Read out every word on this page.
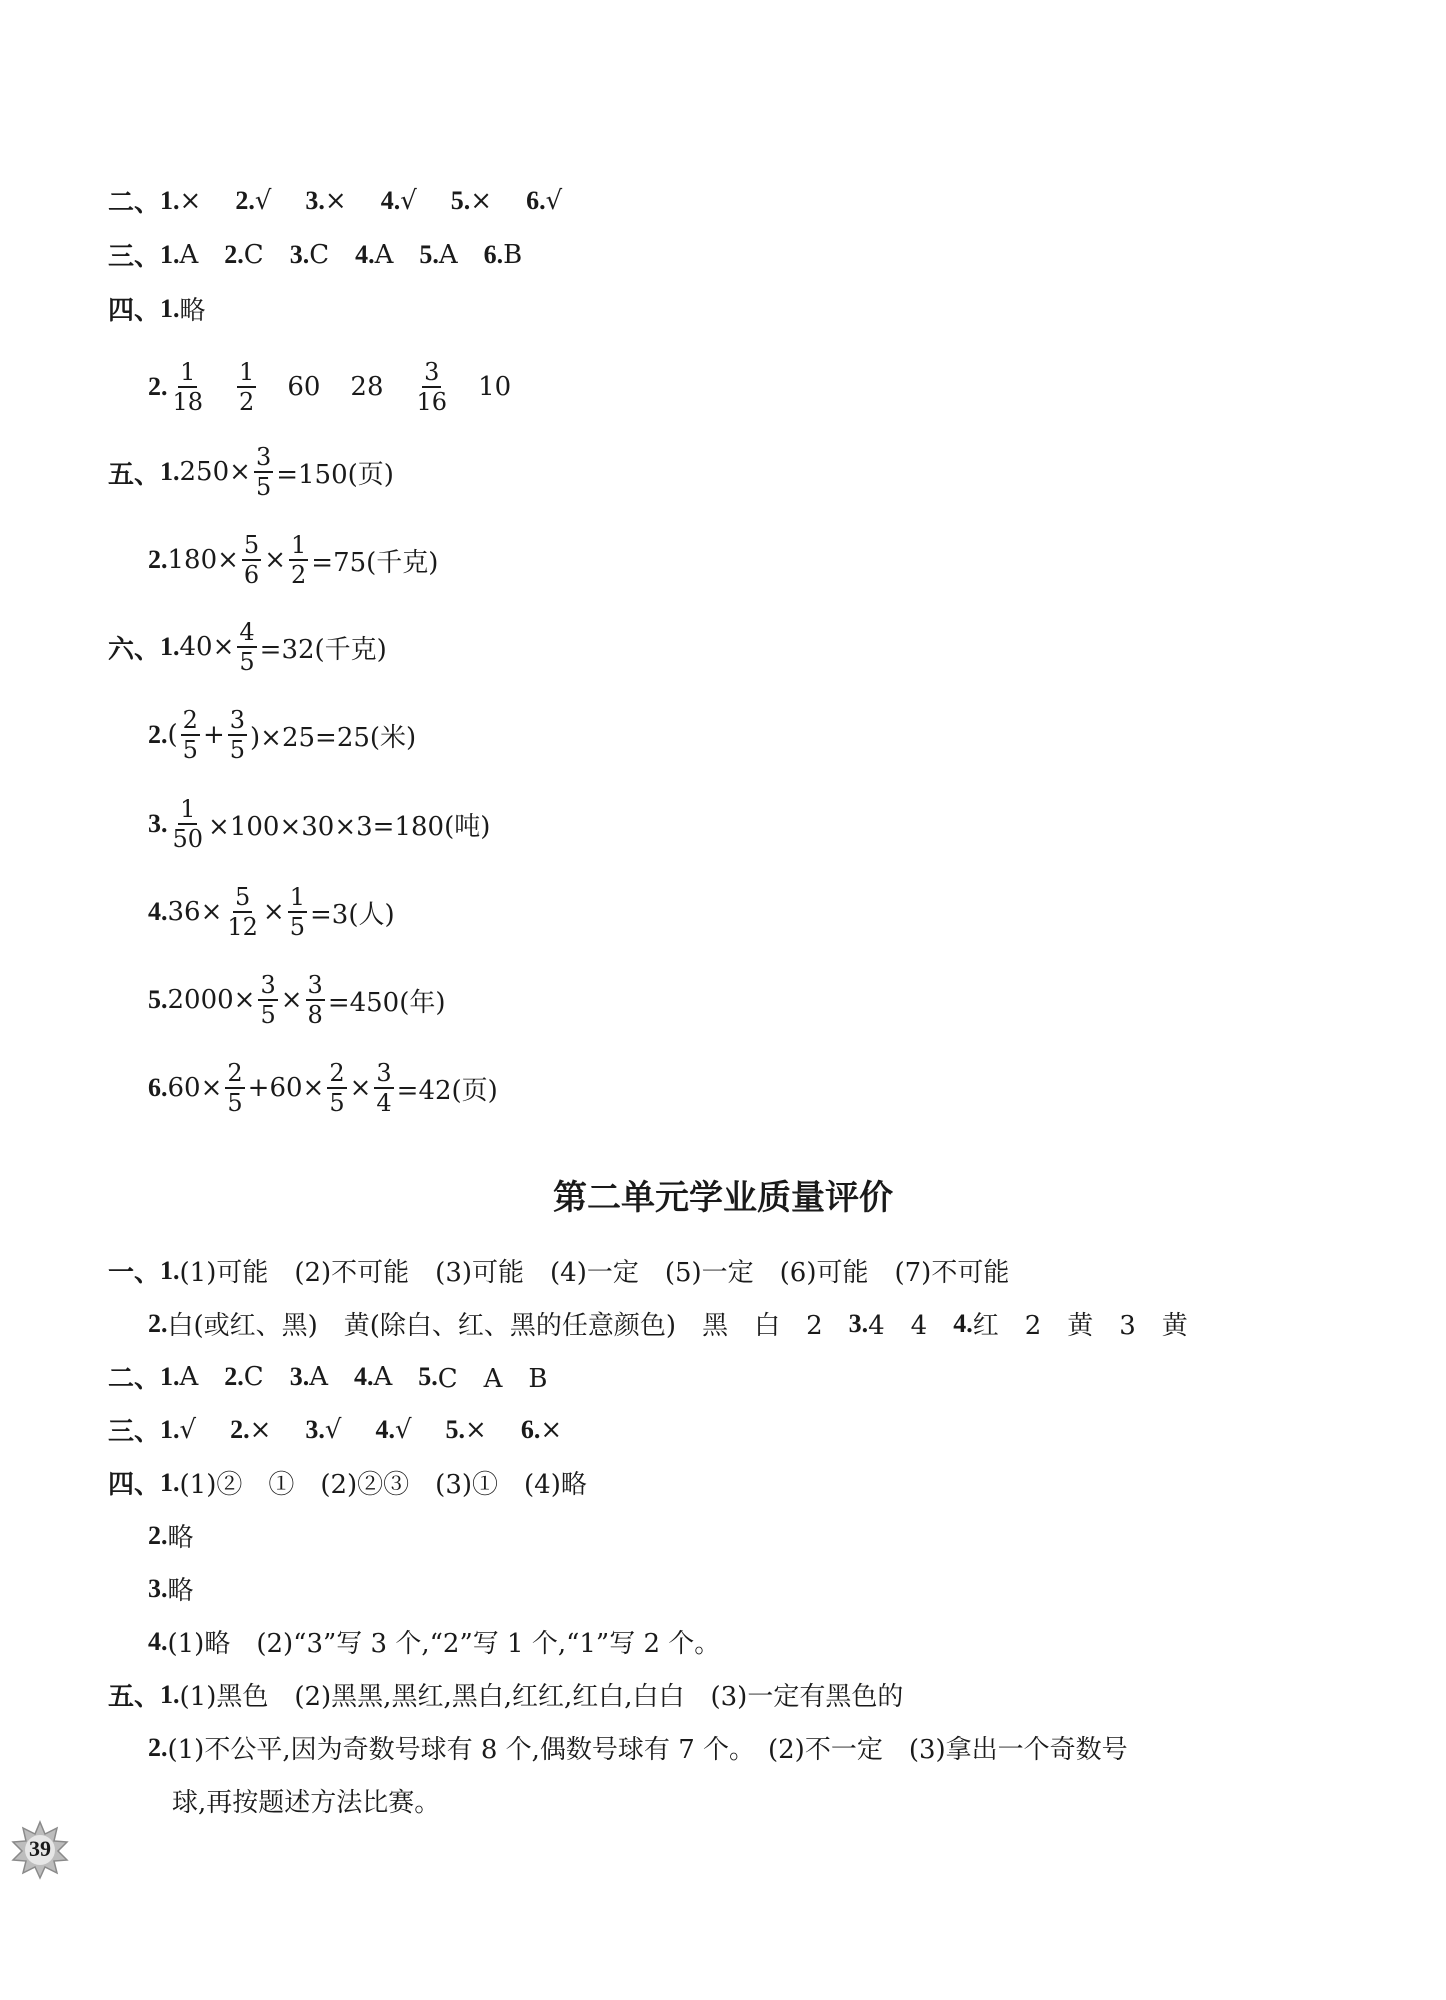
二、 1. × 2. √ 3. × 4. √ 5. × 6. √
三、 1. A 2. C 3. C 4. A 5. A 6. B
四、 1. 略
2. $\frac{1}{18} \frac{1}{2} 60$ $28 \frac{3}{16} 10$
五、 1. $250\times \frac{3}{5} =150$(页)
2. $180\times \frac{5}{6} \times \frac{1}{2} =75$(千克)
六、 1. $40\times \frac{4}{5} =32$(千克)
2. ( $\frac{2}{5} + \frac{3}{5} )\times 25=25$(米)
3. $\frac{1}{50} \times 100\times 30\times 3=180$(吨)
4. $36\times \frac{5}{12} \times \frac{1}{5} =3$(人)
5. $2000\times \frac{3}{5} \times \frac{3}{8} =450$(年)
6. $60\times \frac{2}{5} +60\times \frac{2}{5} \times \frac{3}{4} =42$(页)
第二单元学业质量评价
一、 1. (1)可能　(2)不可能　(3)可能　(4)一定　(5)一定　(6)可能　(7)不可能
2. 白(或红、黑)　黄(除白、红、黑的任意颜色)　黑　白　2　 3. 4　4　 4. 红　2　黄　3　黄
二、 1. A 2. C 3. A 4. A 5. C　A　B
三、 1. √ 2. × 3. √ 4. √ 5. × 6. ×
四、 1. (1)②　①　(2)②③　(3)①　(4)略
2. 略
3. 略
4. (1)略　(2)“3”写 3 个,“2”写 1 个,“1”写 2 个。
五、 1. (1)黑色　(2)黑黑,黑红,黑白,红红,红白,白白　(3)一定有黑色的
2. (1)不公平,因为奇数号球有 8 个,偶数号球有 7 个。　(2)不一定　(3)拿出一个奇数号
球,再按题述方法比赛。
39
